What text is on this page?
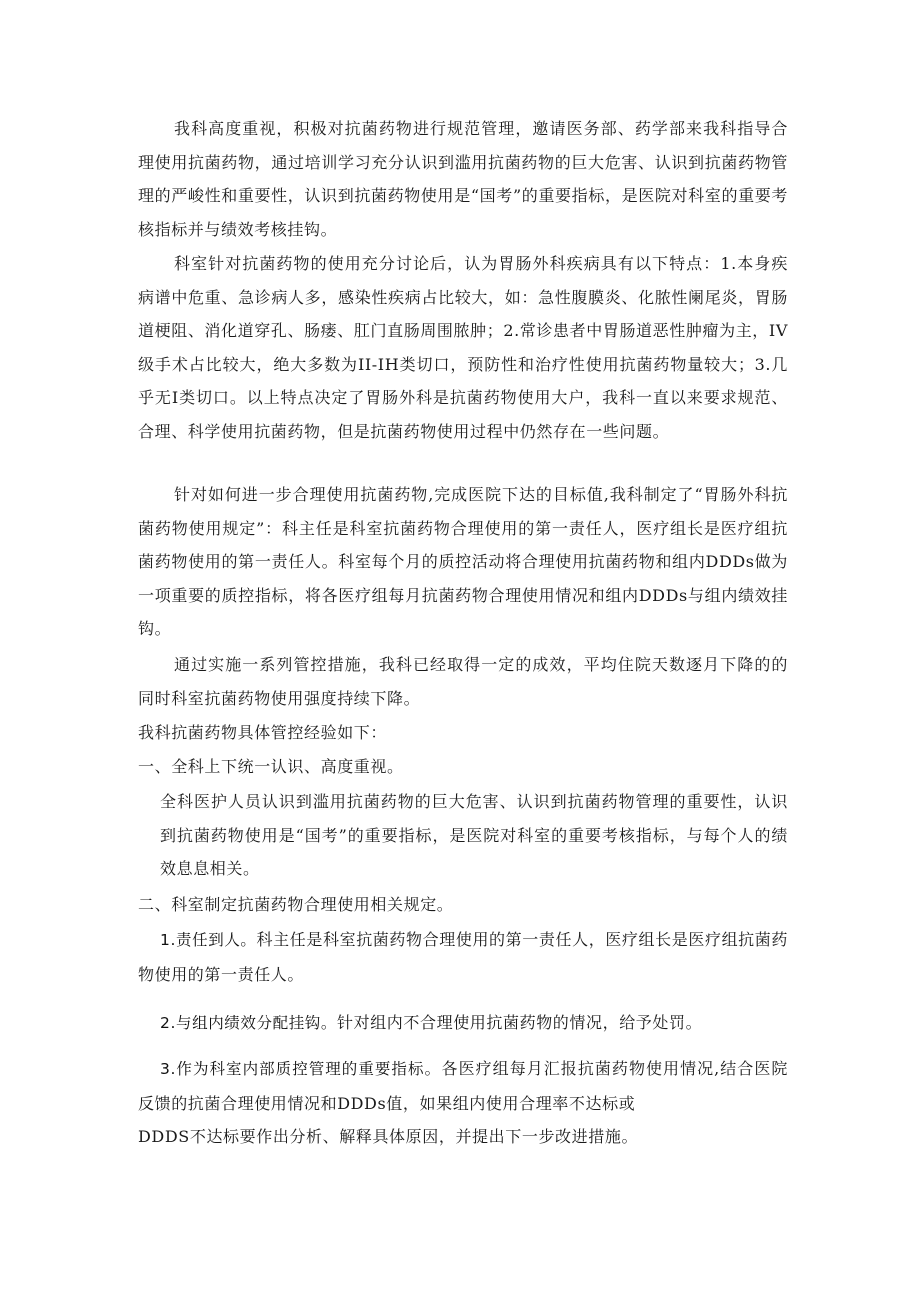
我科高度重视，积极对抗菌药物进行规范管理，邀请医务部、药学部来我科指导合理使用抗菌药物，通过培训学习充分认识到滥用抗菌药物的巨大危害、认识到抗菌药物管理的严峻性和重要性，认识到抗菌药物使用是“国考”的重要指标，是医院对科室的重要考核指标并与绩效考核挂钩。

科室针对抗菌药物的使用充分讨论后，认为胃肠外科疾病具有以下特点：1.本身疾病谱中危重、急诊病人多，感染性疾病占比较大，如：急性腹膜炎、化脓性阑尾炎，胃肠道梗阻、消化道穿孔、肠瘘、肛门直肠周围脓肿；2.常诊患者中胃肠道恶性肿瘤为主，IV级手术占比较大，绝大多数为II-IH类切口，预防性和治疗性使用抗菌药物量较大；3.几乎无I类切口。以上特点决定了胃肠外科是抗菌药物使用大户，我科一直以来要求规范、合理、科学使用抗菌药物，但是抗菌药物使用过程中仍然存在一些问题。

针对如何进一步合理使用抗菌药物,完成医院下达的目标值,我科制定了“胃肠外科抗菌药物使用规定”：科主任是科室抗菌药物合理使用的第一责任人，医疗组长是医疗组抗菌药物使用的第一责任人。科室每个月的质控活动将合理使用抗菌药物和组内DDDs做为一项重要的质控指标，将各医疗组每月抗菌药物合理使用情况和组内DDDs与组内绩效挂钩。

通过实施一系列管控措施，我科已经取得一定的成效，平均住院天数逐月下降的的同时科室抗菌药物使用强度持续下降。

我科抗菌药物具体管控经验如下：

一、全科上下统一认识、高度重视。

全科医护人员认识到滥用抗菌药物的巨大危害、认识到抗菌药物管理的重要性，认识到抗菌药物使用是“国考”的重要指标，是医院对科室的重要考核指标，与每个人的绩效息息相关。

二、科室制定抗菌药物合理使用相关规定。

1.责任到人。科主任是科室抗菌药物合理使用的第一责任人，医疗组长是医疗组抗菌药物使用的第一责任人。

2.与组内绩效分配挂钩。针对组内不合理使用抗菌药物的情况，给予处罚。

3.作为科室内部质控管理的重要指标。各医疗组每月汇报抗菌药物使用情况,结合医院反馈的抗菌合理使用情况和DDDs值，如果组内使用合理率不达标或

DDDS不达标要作出分析、解释具体原因，并提出下一步改进措施。
